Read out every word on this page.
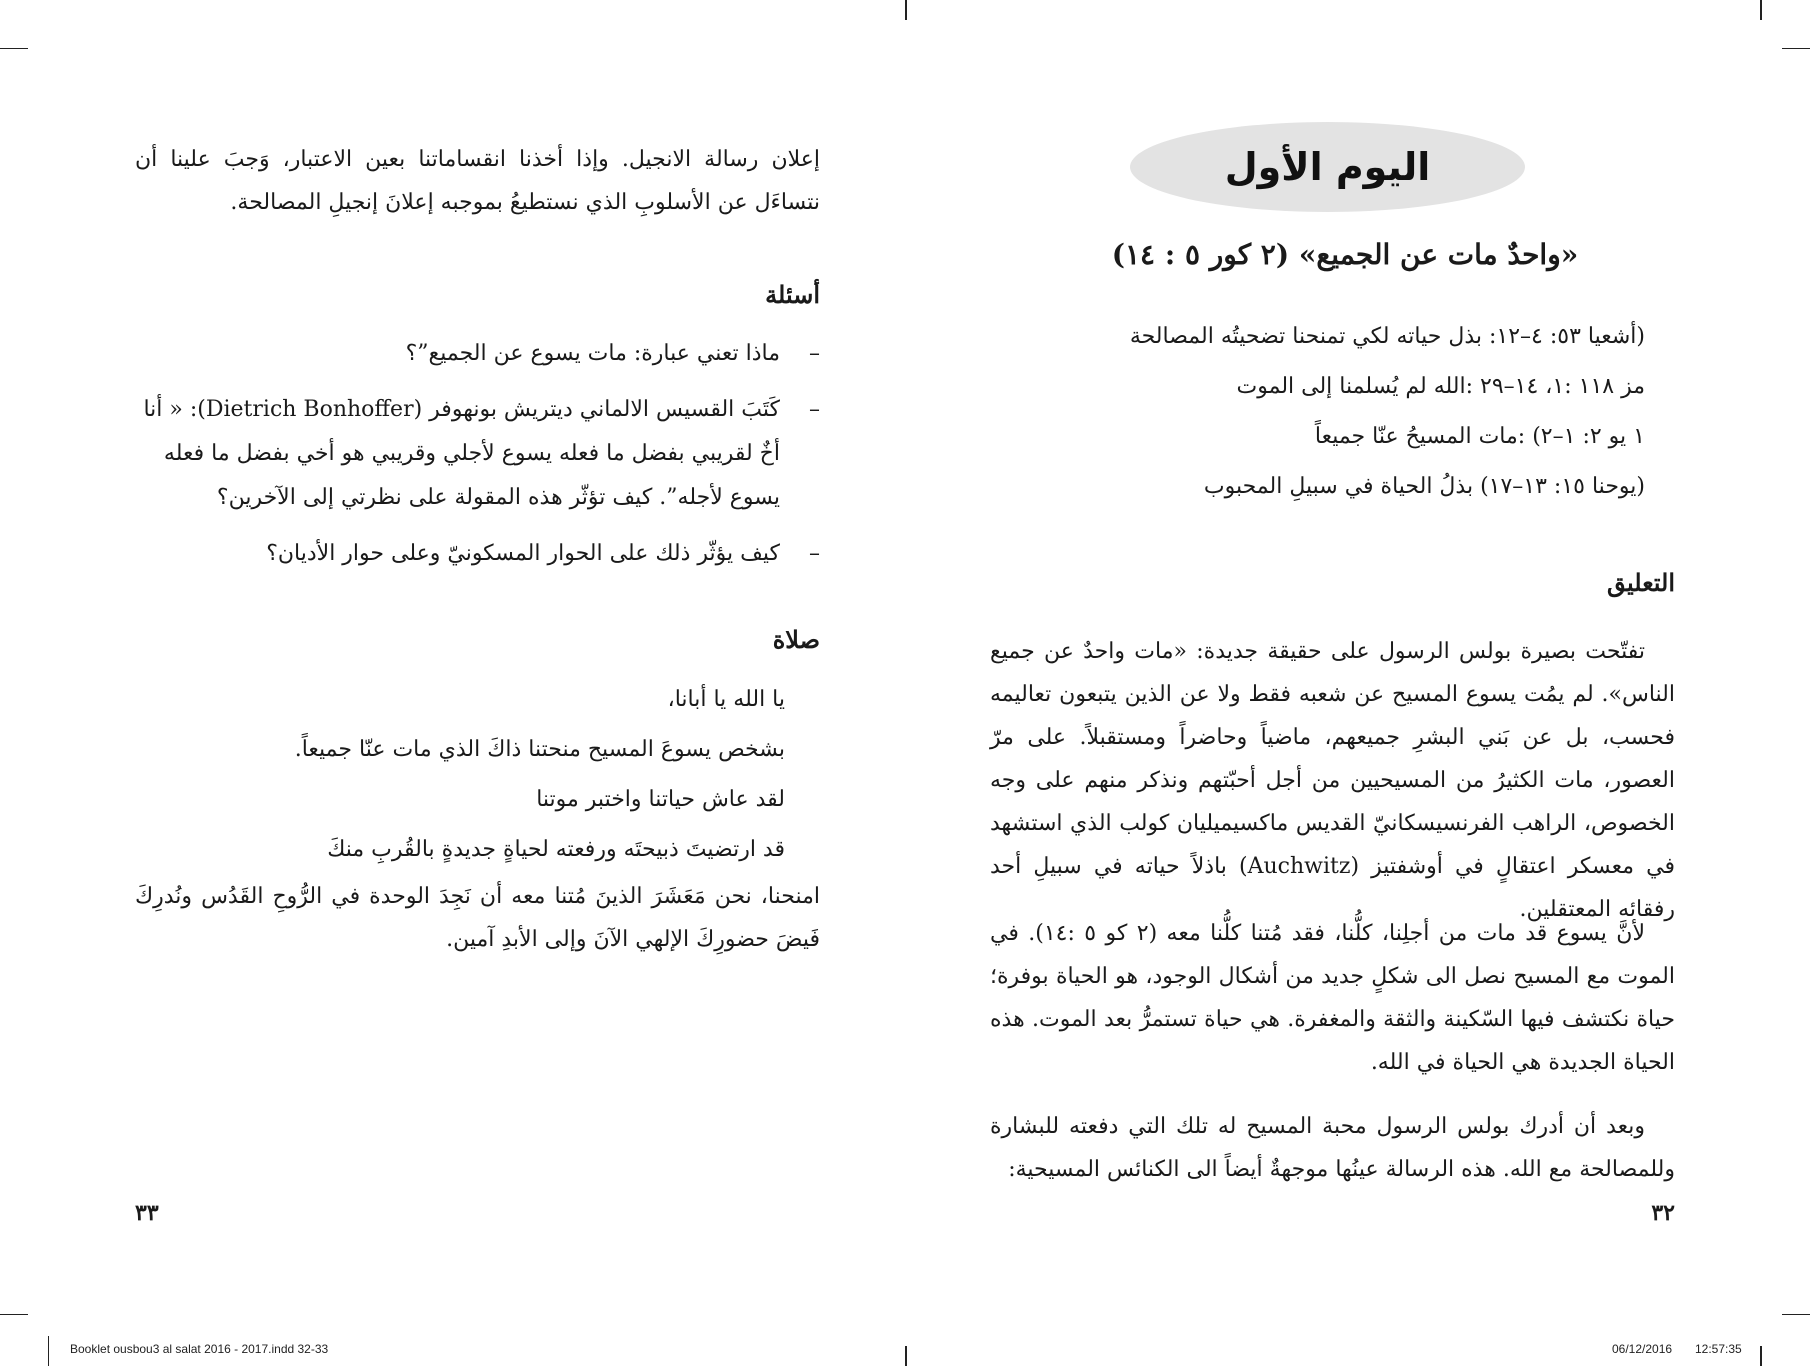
اليوم الأول
«واحدٌ مات عن الجميع» (٢ كور ٥ : ١٤)
(أشعيا ٥٣: ٤–١٢: بذل حياته لكي تمنحنا تضحيتُه المصالحة
مز ١١٨ :١، ١٤–٢٩ :الله لم يُسلمنا إلى الموت
١ يو ٢: ١–٢) :مات المسيحُ عنّا جميعاً
(يوحنا ١٥: ١٣–١٧) بذلُ الحياة في سبيلِ المحبوب
التعليق
تفتّحت بصيرة بولس الرسول على حقيقة جديدة: «مات واحدٌ عن جميع الناس». لم يمُت يسوع المسيح عن شعبه فقط ولا عن الذين يتبعون تعاليمه فحسب، بل عن بَني البشرِ جميعهم، ماضياً وحاضراً ومستقبلاً. على مرّ العصور، مات الكثيرُ من المسيحيين من أجل أحبّتهم ونذكر منهم على وجه الخصوص، الراهب الفرنسيسكانيّ القديس ماكسيميليان كولب الذي استشهد في معسكر اعتقالٍ في أوشفتيز (Auchwitz) باذلاً حياته في سبيلِ أحد رفقائه المعتقلين.
لأنَّ يسوع قد مات من أجلِنا، كلُّنا، فقد مُتنا كلُّنا معه (٢ كو ٥ :١٤). في الموت مع المسيح نصل الى شكلٍ جديد من أشكال الوجود، هو الحياة بوفرة؛ حياة نكتشف فيها السّكينة والثقة والمغفرة. هي حياة تستمرُّ بعد الموت. هذه الحياة الجديدة هي الحياة في الله.
وبعد أن أدرك بولس الرسول محبة المسيح له تلك التي دفعته للبشارة وللمصالحة مع الله. هذه الرسالة عينُها موجهةٌ أيضاً الى الكنائس المسيحية:
٣٢
إعلان رسالة الانجيل. وإذا أخذنا انقساماتنا بعين الاعتبار، وَجبَ علينا أن نتساءَل عن الأسلوبِ الذي نستطيعُ بموجبه إعلانَ إنجيلِ المصالحة.
أسئلة
–
ماذا تعني عبارة: مات يسوع عن الجميع”؟
–
كَتَبَ القسيس الالماني ديتريش بونهوفر (Dietrich Bonhoffer): « أنا أخٌ لقريبي بفضل ما فعله يسوع لأجلي وقريبي هو أخي بفضل ما فعله يسوع لأجله”. كيف تؤثّر هذه المقولة على نظرتي إلى الآخرين؟
–
كيف يؤثّر ذلك على الحوار المسكونيّ وعلى حوار الأديان؟
صلاة
يا الله يا أبانا،
بشخص يسوعَ المسيح منحتنا ذاكَ الذي مات عنّا جميعاً.
لقد عاش حياتنا واختبر موتنا
قد ارتضيتَ ذبيحتَه ورفعته لحياةٍ جديدةٍ بالقُربِ منكَ
امنحنا، نحن مَعَشَرَ الذينَ مُتنا معه أن نَجِدَ الوحدة في الرُّوحِ القَدُس ونُدرِكَ فَيضَ حضورِكَ الإلهي الآنَ وإلى الأبدِ آمين.
٣٣
Booklet ousbou3 al salat 2016 - 2017.indd 32-33	06/12/2016 12:57:35
